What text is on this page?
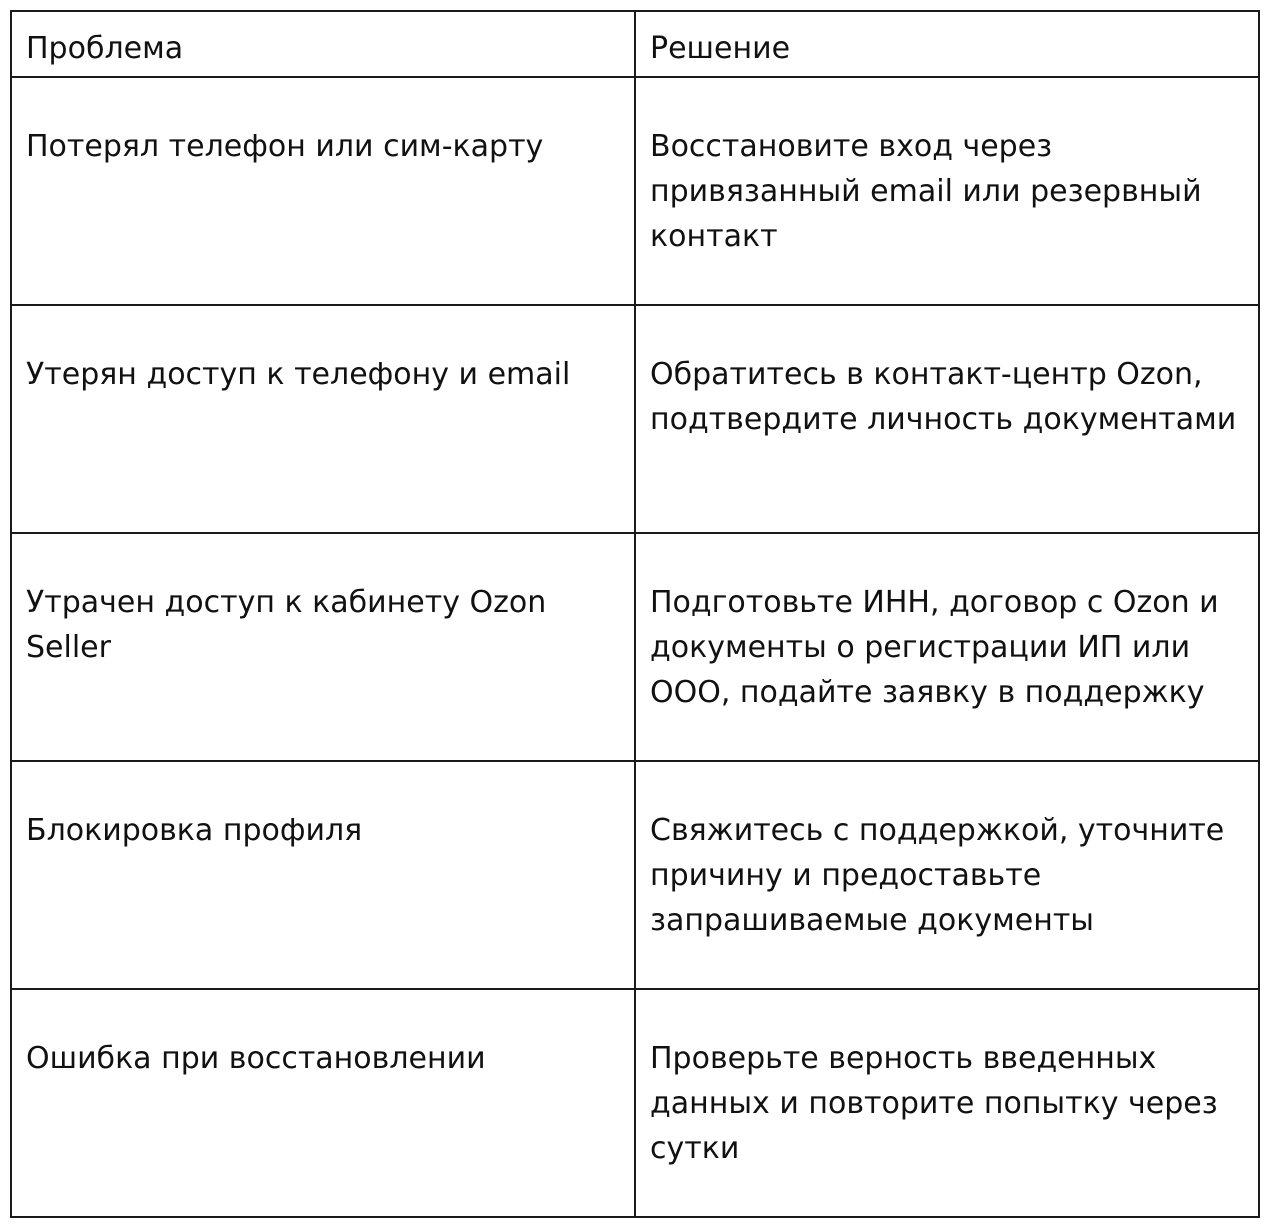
Проблема	Решение
Потерял телефон или сим-карту	Восстановите вход через привязанный email или резервный контакт
Утерян доступ к телефону и email	Обратитесь в контакт-центр Ozon, подтвердите личность документами
Утрачен доступ к кабинету Ozon Seller	Подготовьте ИНН, договор с Ozon и документы о регистрации ИП или ООО, подайте заявку в поддержку
Блокировка профиля	Свяжитесь с поддержкой, уточните причину и предоставьте запрашиваемые документы
Ошибка при восстановлении	Проверьте верность введенных данных и повторите попытку через сутки
